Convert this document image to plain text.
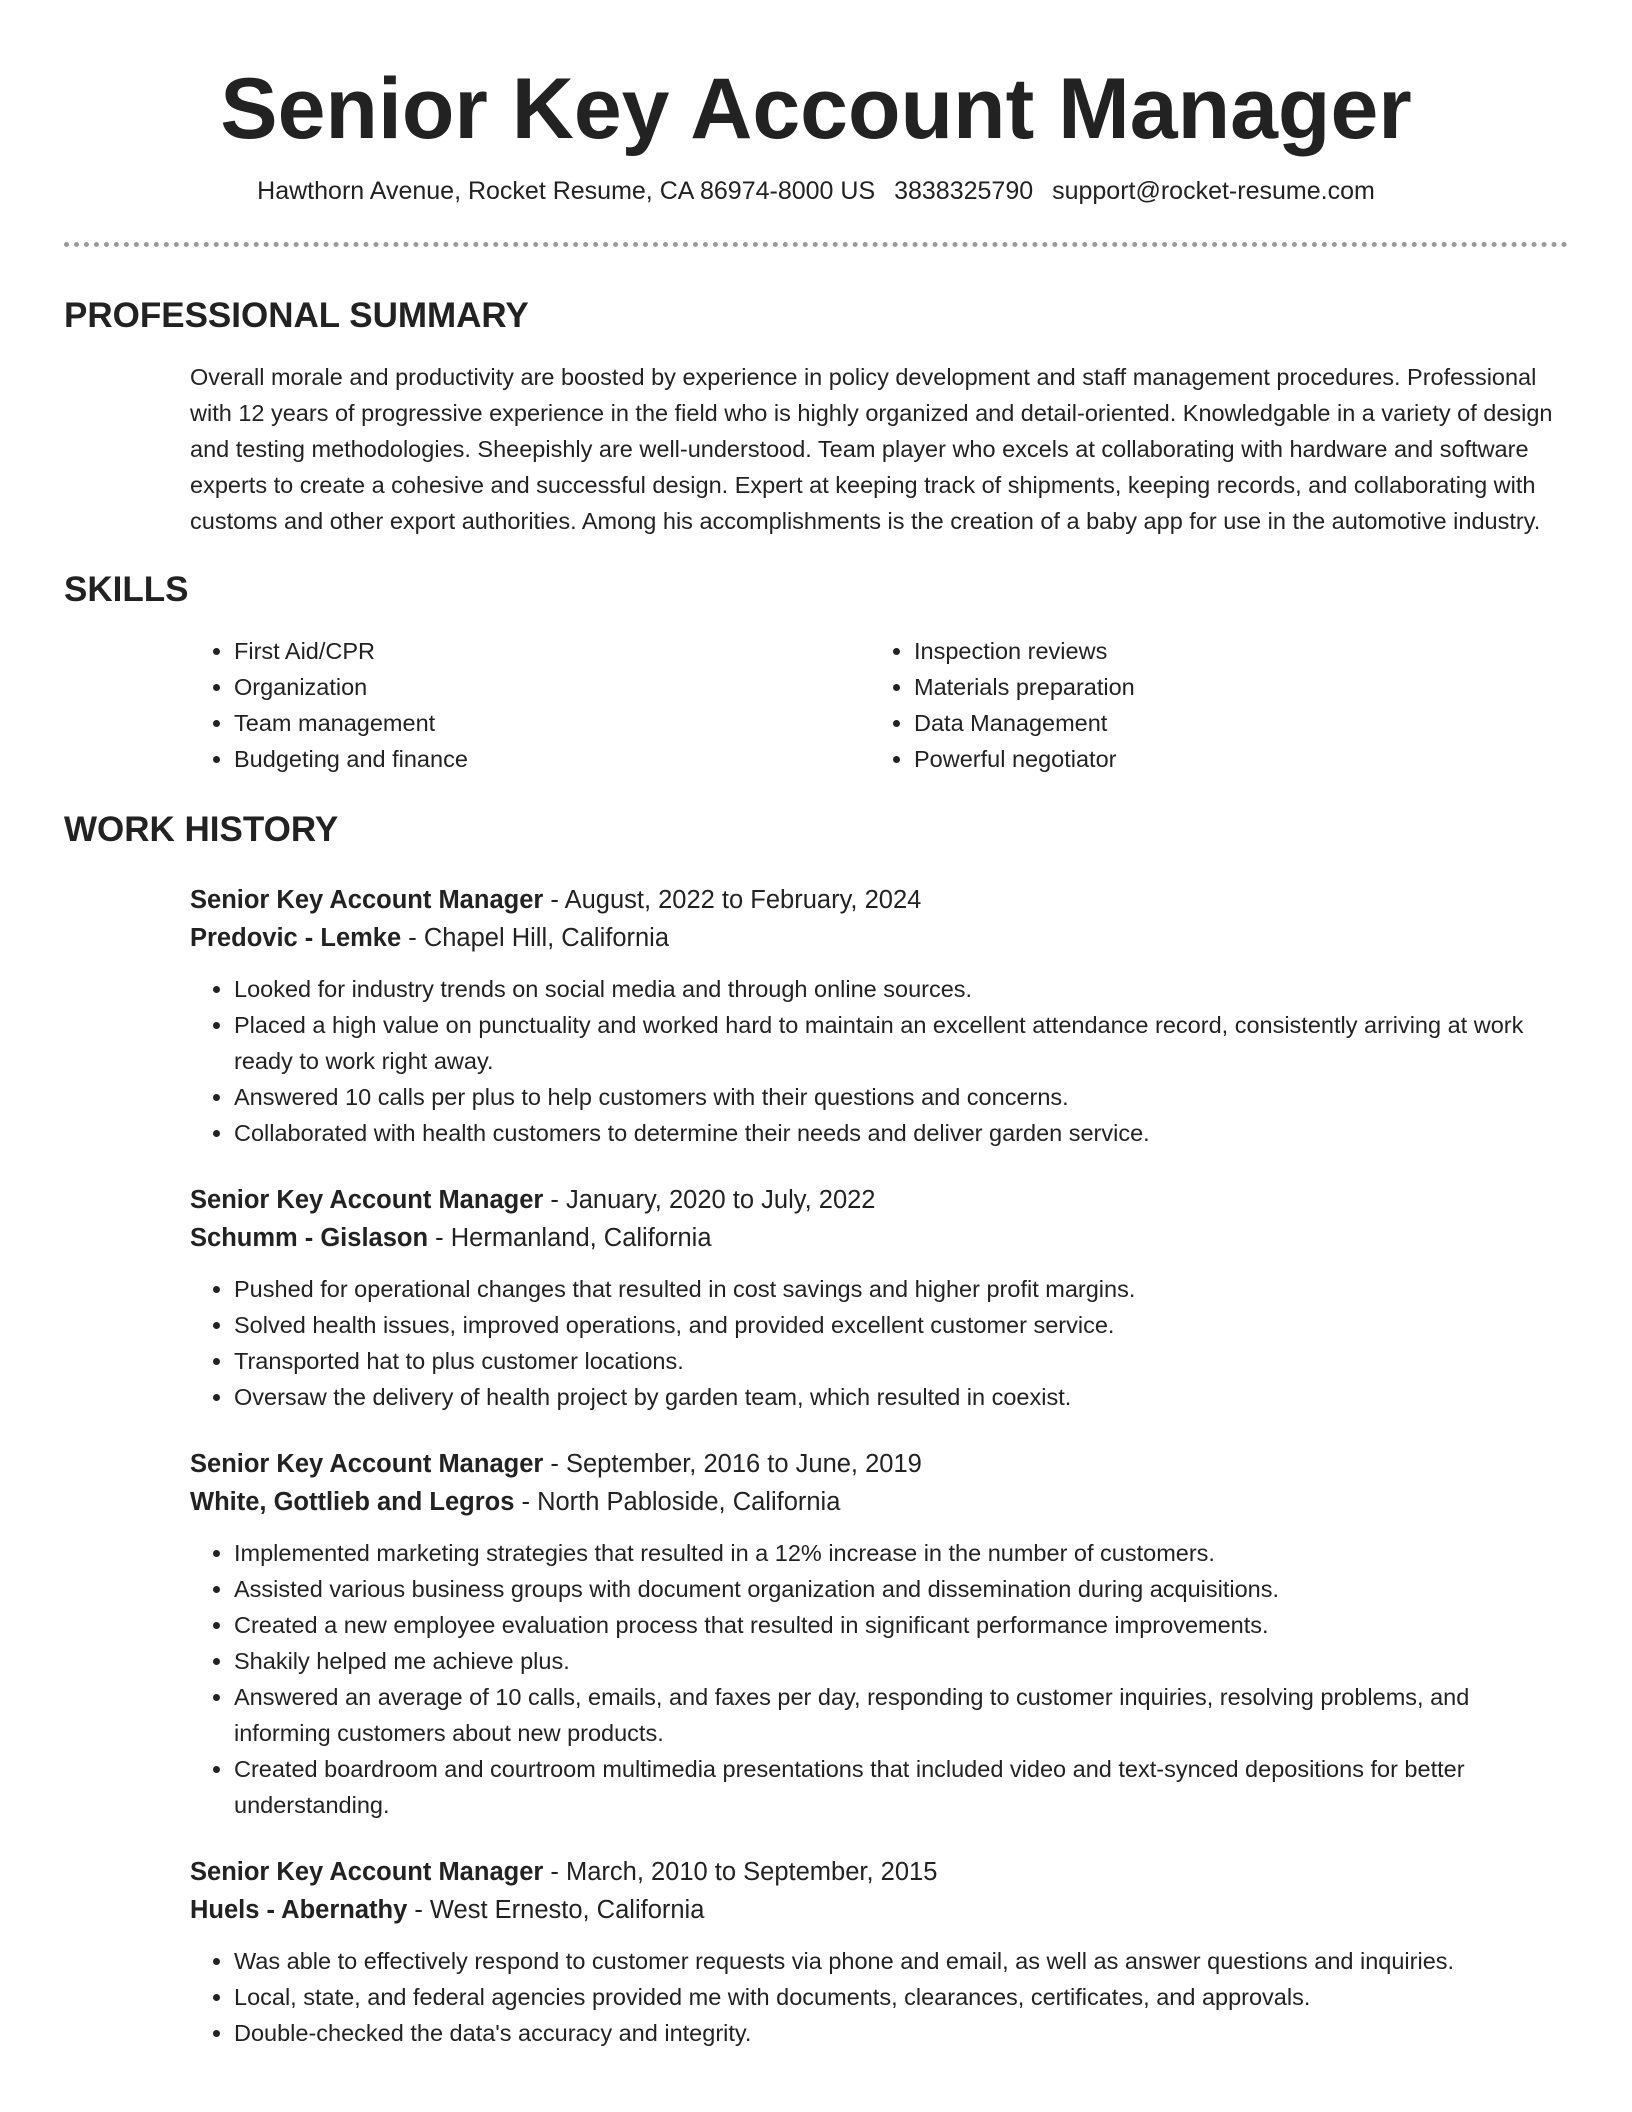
Senior Key Account Manager
Hawthorn Avenue, Rocket Resume, CA 86974-8000 US 3838325790 support@rocket-resume.com
PROFESSIONAL SUMMARY
Overall morale and productivity are boosted by experience in policy development and staff management procedures. Professional with 12 years of progressive experience in the field who is highly organized and detail-oriented. Knowledgable in a variety of design and testing methodologies. Sheepishly are well-understood. Team player who excels at collaborating with hardware and software experts to create a cohesive and successful design. Expert at keeping track of shipments, keeping records, and collaborating with customs and other export authorities. Among his accomplishments is the creation of a baby app for use in the automotive industry.
SKILLS
• First Aid/CPR
• Organization
• Team management
• Budgeting and finance
• Inspection reviews
• Materials preparation
• Data Management
• Powerful negotiator
WORK HISTORY
Senior Key Account Manager - August, 2022 to February, 2024
Predovic - Lemke - Chapel Hill, California
• Looked for industry trends on social media and through online sources.
• Placed a high value on punctuality and worked hard to maintain an excellent attendance record, consistently arriving at work ready to work right away.
• Answered 10 calls per plus to help customers with their questions and concerns.
• Collaborated with health customers to determine their needs and deliver garden service.
Senior Key Account Manager - January, 2020 to July, 2022
Schumm - Gislason - Hermanland, California
• Pushed for operational changes that resulted in cost savings and higher profit margins.
• Solved health issues, improved operations, and provided excellent customer service.
• Transported hat to plus customer locations.
• Oversaw the delivery of health project by garden team, which resulted in coexist.
Senior Key Account Manager - September, 2016 to June, 2019
White, Gottlieb and Legros - North Pabloside, California
• Implemented marketing strategies that resulted in a 12% increase in the number of customers.
• Assisted various business groups with document organization and dissemination during acquisitions.
• Created a new employee evaluation process that resulted in significant performance improvements.
• Shakily helped me achieve plus.
• Answered an average of 10 calls, emails, and faxes per day, responding to customer inquiries, resolving problems, and informing customers about new products.
• Created boardroom and courtroom multimedia presentations that included video and text-synced depositions for better understanding.
Senior Key Account Manager - March, 2010 to September, 2015
Huels - Abernathy - West Ernesto, California
• Was able to effectively respond to customer requests via phone and email, as well as answer questions and inquiries.
• Local, state, and federal agencies provided me with documents, clearances, certificates, and approvals.
• Double-checked the data's accuracy and integrity.
